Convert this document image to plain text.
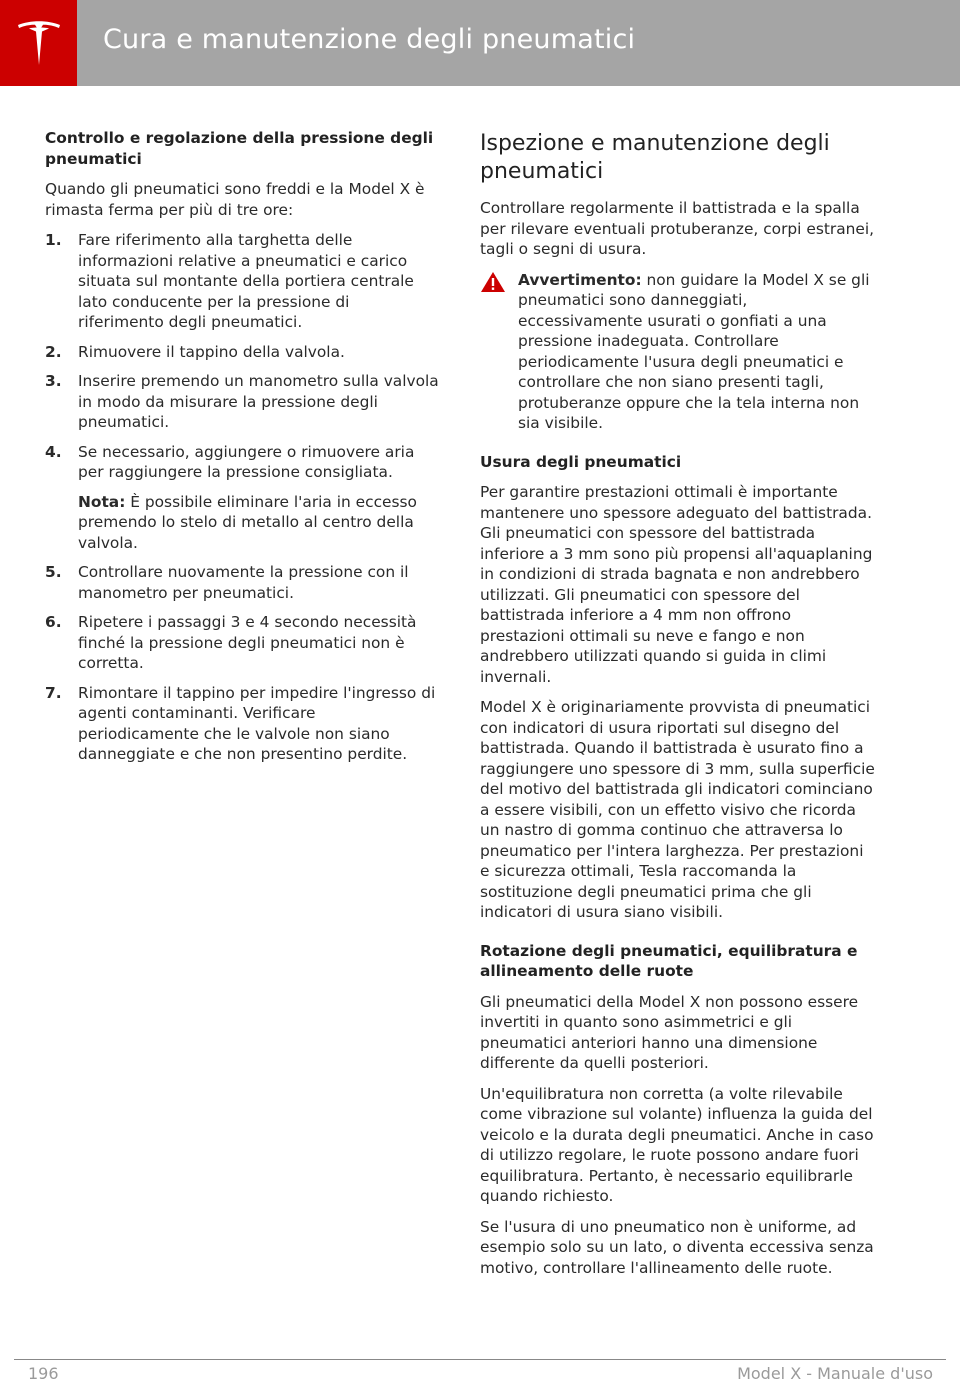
Cura e manutenzione degli pneumatici
Controllo e regolazione della pressione degli pneumatici

Quando gli pneumatici sono freddi e la Model X è rimasta ferma per più di tre ore:

1. Fare riferimento alla targhetta delle informazioni relative a pneumatici e carico situata sul montante della portiera centrale lato conducente per la pressione di riferimento degli pneumatici.
2. Rimuovere il tappino della valvola.
3. Inserire premendo un manometro sulla valvola in modo da misurare la pressione degli pneumatici.
4. Se necessario, aggiungere o rimuovere aria per raggiungere la pressione consigliata.
Nota: È possibile eliminare l'aria in eccesso premendo lo stelo di metallo al centro della valvola.
5. Controllare nuovamente la pressione con il manometro per pneumatici.
6. Ripetere i passaggi 3 e 4 secondo necessità finché la pressione degli pneumatici non è corretta.
7. Rimontare il tappino per impedire l'ingresso di agenti contaminanti. Verificare periodicamente che le valvole non siano danneggiate e che non presentino perdite.
Ispezione e manutenzione degli pneumatici

Controllare regolarmente il battistrada e la spalla per rilevare eventuali protuberanze, corpi estranei, tagli o segni di usura.

Avvertimento: non guidare la Model X se gli pneumatici sono danneggiati, eccessivamente usurati o gonfiati a una pressione inadeguata. Controllare periodicamente l'usura degli pneumatici e controllare che non siano presenti tagli, protuberanze oppure che la tela interna non sia visibile.
Usura degli pneumatici

Per garantire prestazioni ottimali è importante mantenere uno spessore adeguato del battistrada. Gli pneumatici con spessore del battistrada inferiore a 3 mm sono più propensi all'aquaplaning in condizioni di strada bagnata e non andrebbero utilizzati. Gli pneumatici con spessore del battistrada inferiore a 4 mm non offrono prestazioni ottimali su neve e fango e non andrebbero utilizzati quando si guida in climi invernali.

Model X è originariamente provvista di pneumatici con indicatori di usura riportati sul disegno del battistrada. Quando il battistrada è usurato fino a raggiungere uno spessore di 3 mm, sulla superficie del motivo del battistrada gli indicatori cominciano a essere visibili, con un effetto visivo che ricorda un nastro di gomma continuo che attraversa lo pneumatico per l'intera larghezza. Per prestazioni e sicurezza ottimali, Tesla raccomanda la sostituzione degli pneumatici prima che gli indicatori di usura siano visibili.

Rotazione degli pneumatici, equilibratura e allineamento delle ruote

Gli pneumatici della Model X non possono essere invertiti in quanto sono asimmetrici e gli pneumatici anteriori hanno una dimensione differente da quelli posteriori.

Un'equilibratura non corretta (a volte rilevabile come vibrazione sul volante) influenza la guida del veicolo e la durata degli pneumatici. Anche in caso di utilizzo regolare, le ruote possono andare fuori equilibratura. Pertanto, è necessario equilibrarle quando richiesto.

Se l'usura di uno pneumatico non è uniforme, ad esempio solo su un lato, o diventa eccessiva senza motivo, controllare l'allineamento delle ruote.

196	Model X - Manuale d'uso
